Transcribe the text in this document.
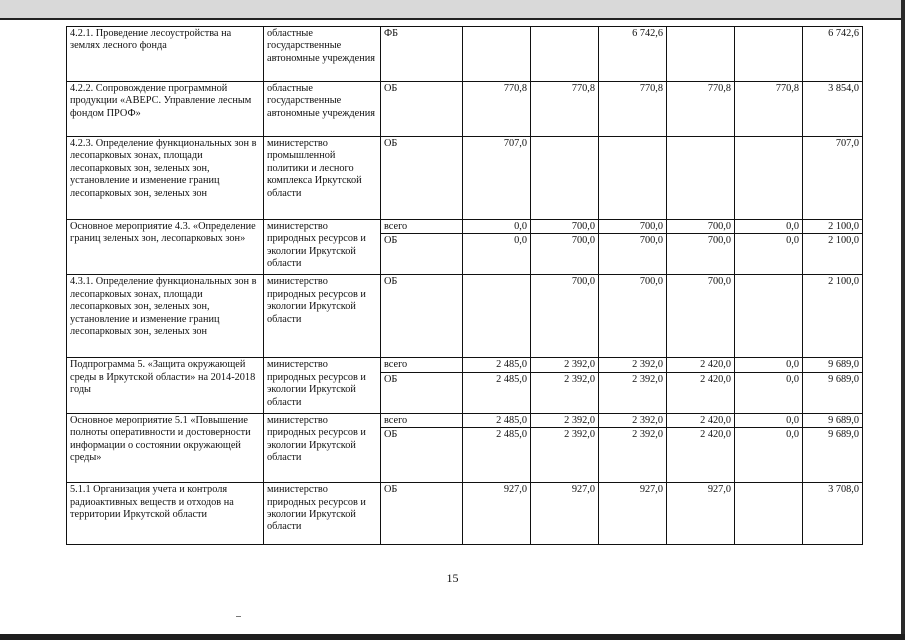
4.2.1. Проведение лесоустройства на землях лесного фонда	областные государственные автономные учреждения	ФБ			6 742,6			6 742,6
4.2.2. Сопровождение программной продукции «АВЕРС. Управление лесным фондом ПРОФ»	областные государственные автономные учреждения	ОБ	770,8	770,8	770,8	770,8	770,8	3 854,0
4.2.3. Определение функциональных зон в лесопарковых зонах, площади лесопарковых зон, зеленых зон, установление и изменение границ лесопарковых зон, зеленых зон	министерство промышленной политики и лесного комплекса Иркутской области	ОБ	707,0					707,0
Основное мероприятие 4.3. «Определение границ зеленых зон, лесопарковых зон»	министерство природных ресурсов и экологии Иркутской области	всего	0,0	700,0	700,0	700,0	0,0	2 100,0
		ОБ	0,0	700,0	700,0	700,0	0,0	2 100,0
4.3.1. Определение функциональных зон в лесопарковых зонах, площади лесопарковых зон, зеленых зон, установление и изменение границ лесопарковых зон, зеленых зон	министерство природных ресурсов и экологии Иркутской области	ОБ		700,0	700,0	700,0		2 100,0
Подпрограмма 5. «Защита окружающей среды в Иркутской области» на 2014-2018 годы	министерство природных ресурсов и экологии Иркутской области	всего	2 485,0	2 392,0	2 392,0	2 420,0	0,0	9 689,0
		ОБ	2 485,0	2 392,0	2 392,0	2 420,0	0,0	9 689,0
Основное мероприятие 5.1 «Повышение полноты оперативности и достоверности информации о состоянии окружающей среды»	министерство природных ресурсов и экологии Иркутской области	всего	2 485,0	2 392,0	2 392,0	2 420,0	0,0	9 689,0
		ОБ	2 485,0	2 392,0	2 392,0	2 420,0	0,0	9 689,0
5.1.1 Организация учета и контроля радиоактивных веществ и отходов на территории Иркутской области	министерство природных ресурсов и экологии Иркутской области	ОБ	927,0	927,0	927,0	927,0		3 708,0
15
